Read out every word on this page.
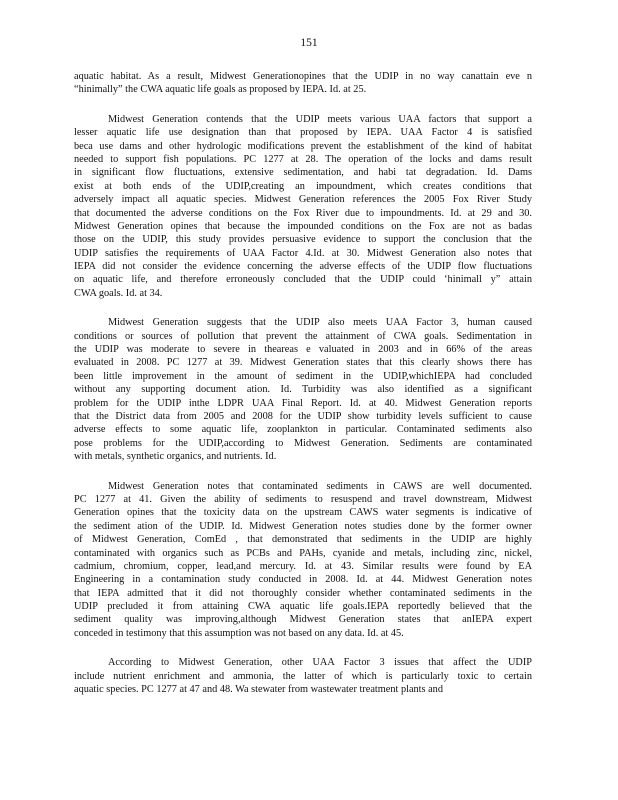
151
aquatic habitat. As a result, Midwest Generationopines that the UDIP in no way canattain eve n
“hinimally” the CWA aquatic life goals as proposed by IEPA. Id. at 25.
Midwest Generation contends that the UDIP meets various UAA factors that support a
lesser aquatic life use designation than that proposed by IEPA. UAA Factor 4 is satisfied
beca use dams and other hydrologic modifications prevent the establishment of the kind of habitat
needed to support fish populations. PC 1277 at 28. The operation of the locks and dams result
in significant flow fluctuations, extensive sedimentation, and habi tat degradation. Id. Dams
exist at both ends of the UDIP,creating an impoundment, which creates conditions that
adversely impact all aquatic species. Midwest Generation references the 2005 Fox River Study
that documented the adverse conditions on the Fox River due to impoundments. Id. at 29 and 30.
Midwest Generation opines that because the impounded conditions on the Fox are not as badas
those on the UDIP, this study provides persuasive evidence to support the conclusion that the
UDIP satisfies the requirements of UAA Factor 4.Id. at 30. Midwest Generation also notes that
IEPA did not consider the evidence concerning the adverse effects of the UDIP flow fluctuations
on aquatic life, and therefore erroneously concluded that the UDIP could ‘hinimall y” attain
CWA goals. Id. at 34.
Midwest Generation suggests that the UDIP also meets UAA Factor 3, human caused
conditions or sources of pollution that prevent the attainment of CWA goals. Sedimentation in
the UDIP was moderate to severe in theareas e valuated in 2003 and in 66% of the areas
evaluated in 2008. PC 1277 at 39. Midwest Generation states that this clearly shows there has
been little improvement in the amount of sediment in the UDIP,whichIEPA had concluded
without any supporting document ation. Id. Turbidity was also identified as a significant
problem for the UDIP inthe LDPR UAA Final Report. Id. at 40. Midwest Generation reports
that the District data from 2005 and 2008 for the UDIP show turbidity levels sufficient to cause
adverse effects to some aquatic life, zooplankton in particular. Contaminated sediments also
pose problems for the UDIP,according to Midwest Generation. Sediments are contaminated
with metals, synthetic organics, and nutrients. Id.
Midwest Generation notes that contaminated sediments in CAWS are well documented.
PC 1277 at 41. Given the ability of sediments to resuspend and travel downstream, Midwest
Generation opines that the toxicity data on the upstream CAWS water segments is indicative of
the sediment ation of the UDIP. Id. Midwest Generation notes studies done by the former owner
of Midwest Generation, ComEd , that demonstrated that sediments in the UDIP are highly
contaminated with organics such as PCBs and PAHs, cyanide and metals, including zinc, nickel,
cadmium, chromium, copper, lead,and mercury. Id. at 43. Similar results were found by EA
Engineering in a contamination study conducted in 2008. Id. at 44. Midwest Generation notes
that IEPA admitted that it did not thoroughly consider whether contaminated sediments in the
UDIP precluded it from attaining CWA aquatic life goals.IEPA reportedly believed that the
sediment quality was improving,although Midwest Generation states that anIEPA expert
conceded in testimony that this assumption was not based on any data. Id. at 45.
According to Midwest Generation, other UAA Factor 3 issues that affect the UDIP
include nutrient enrichment and ammonia, the latter of which is particularly toxic to certain
aquatic species. PC 1277 at 47 and 48. Wa stewater from wastewater treatment plants and
